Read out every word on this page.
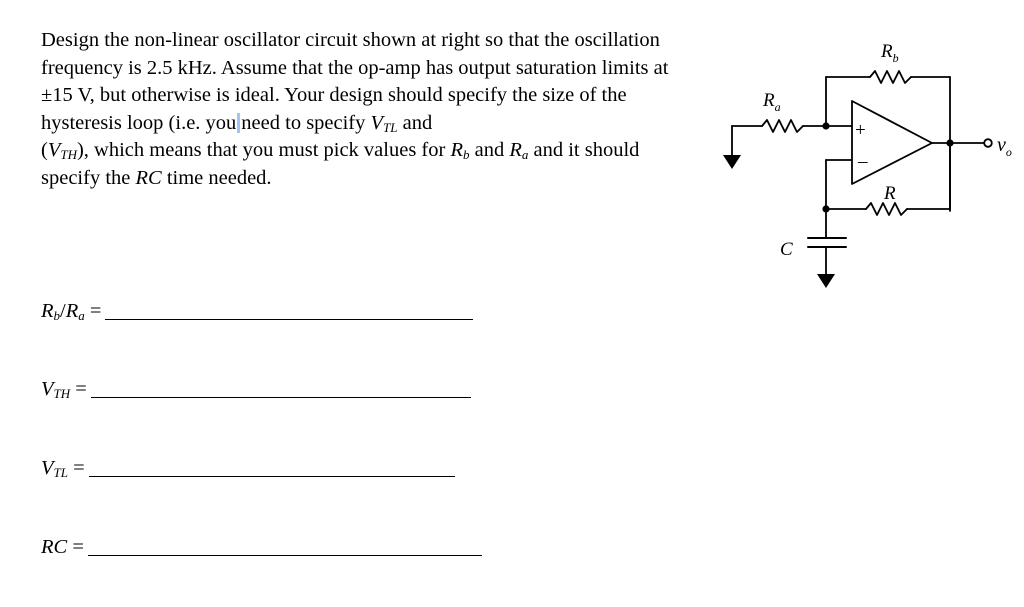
Design the non-linear oscillator circuit shown at right so that the oscillation frequency is 2.5 kHz. Assume that the op-amp has output saturation limits at ±15 V, but otherwise is ideal. Your design should specify the size of the hysteresis loop (i.e. you need to specify $V_{TL}$ and
$(V_{TH})$, which means that you must pick values for $R_b$ and $R_a$ and it should specify the RC time needed.
$R_b/R_a$ =
$V_{TH}$ =
$V_{TL}$ =
RC =
+
–
$R_a$
$R_b$
R
C
$v_o$
